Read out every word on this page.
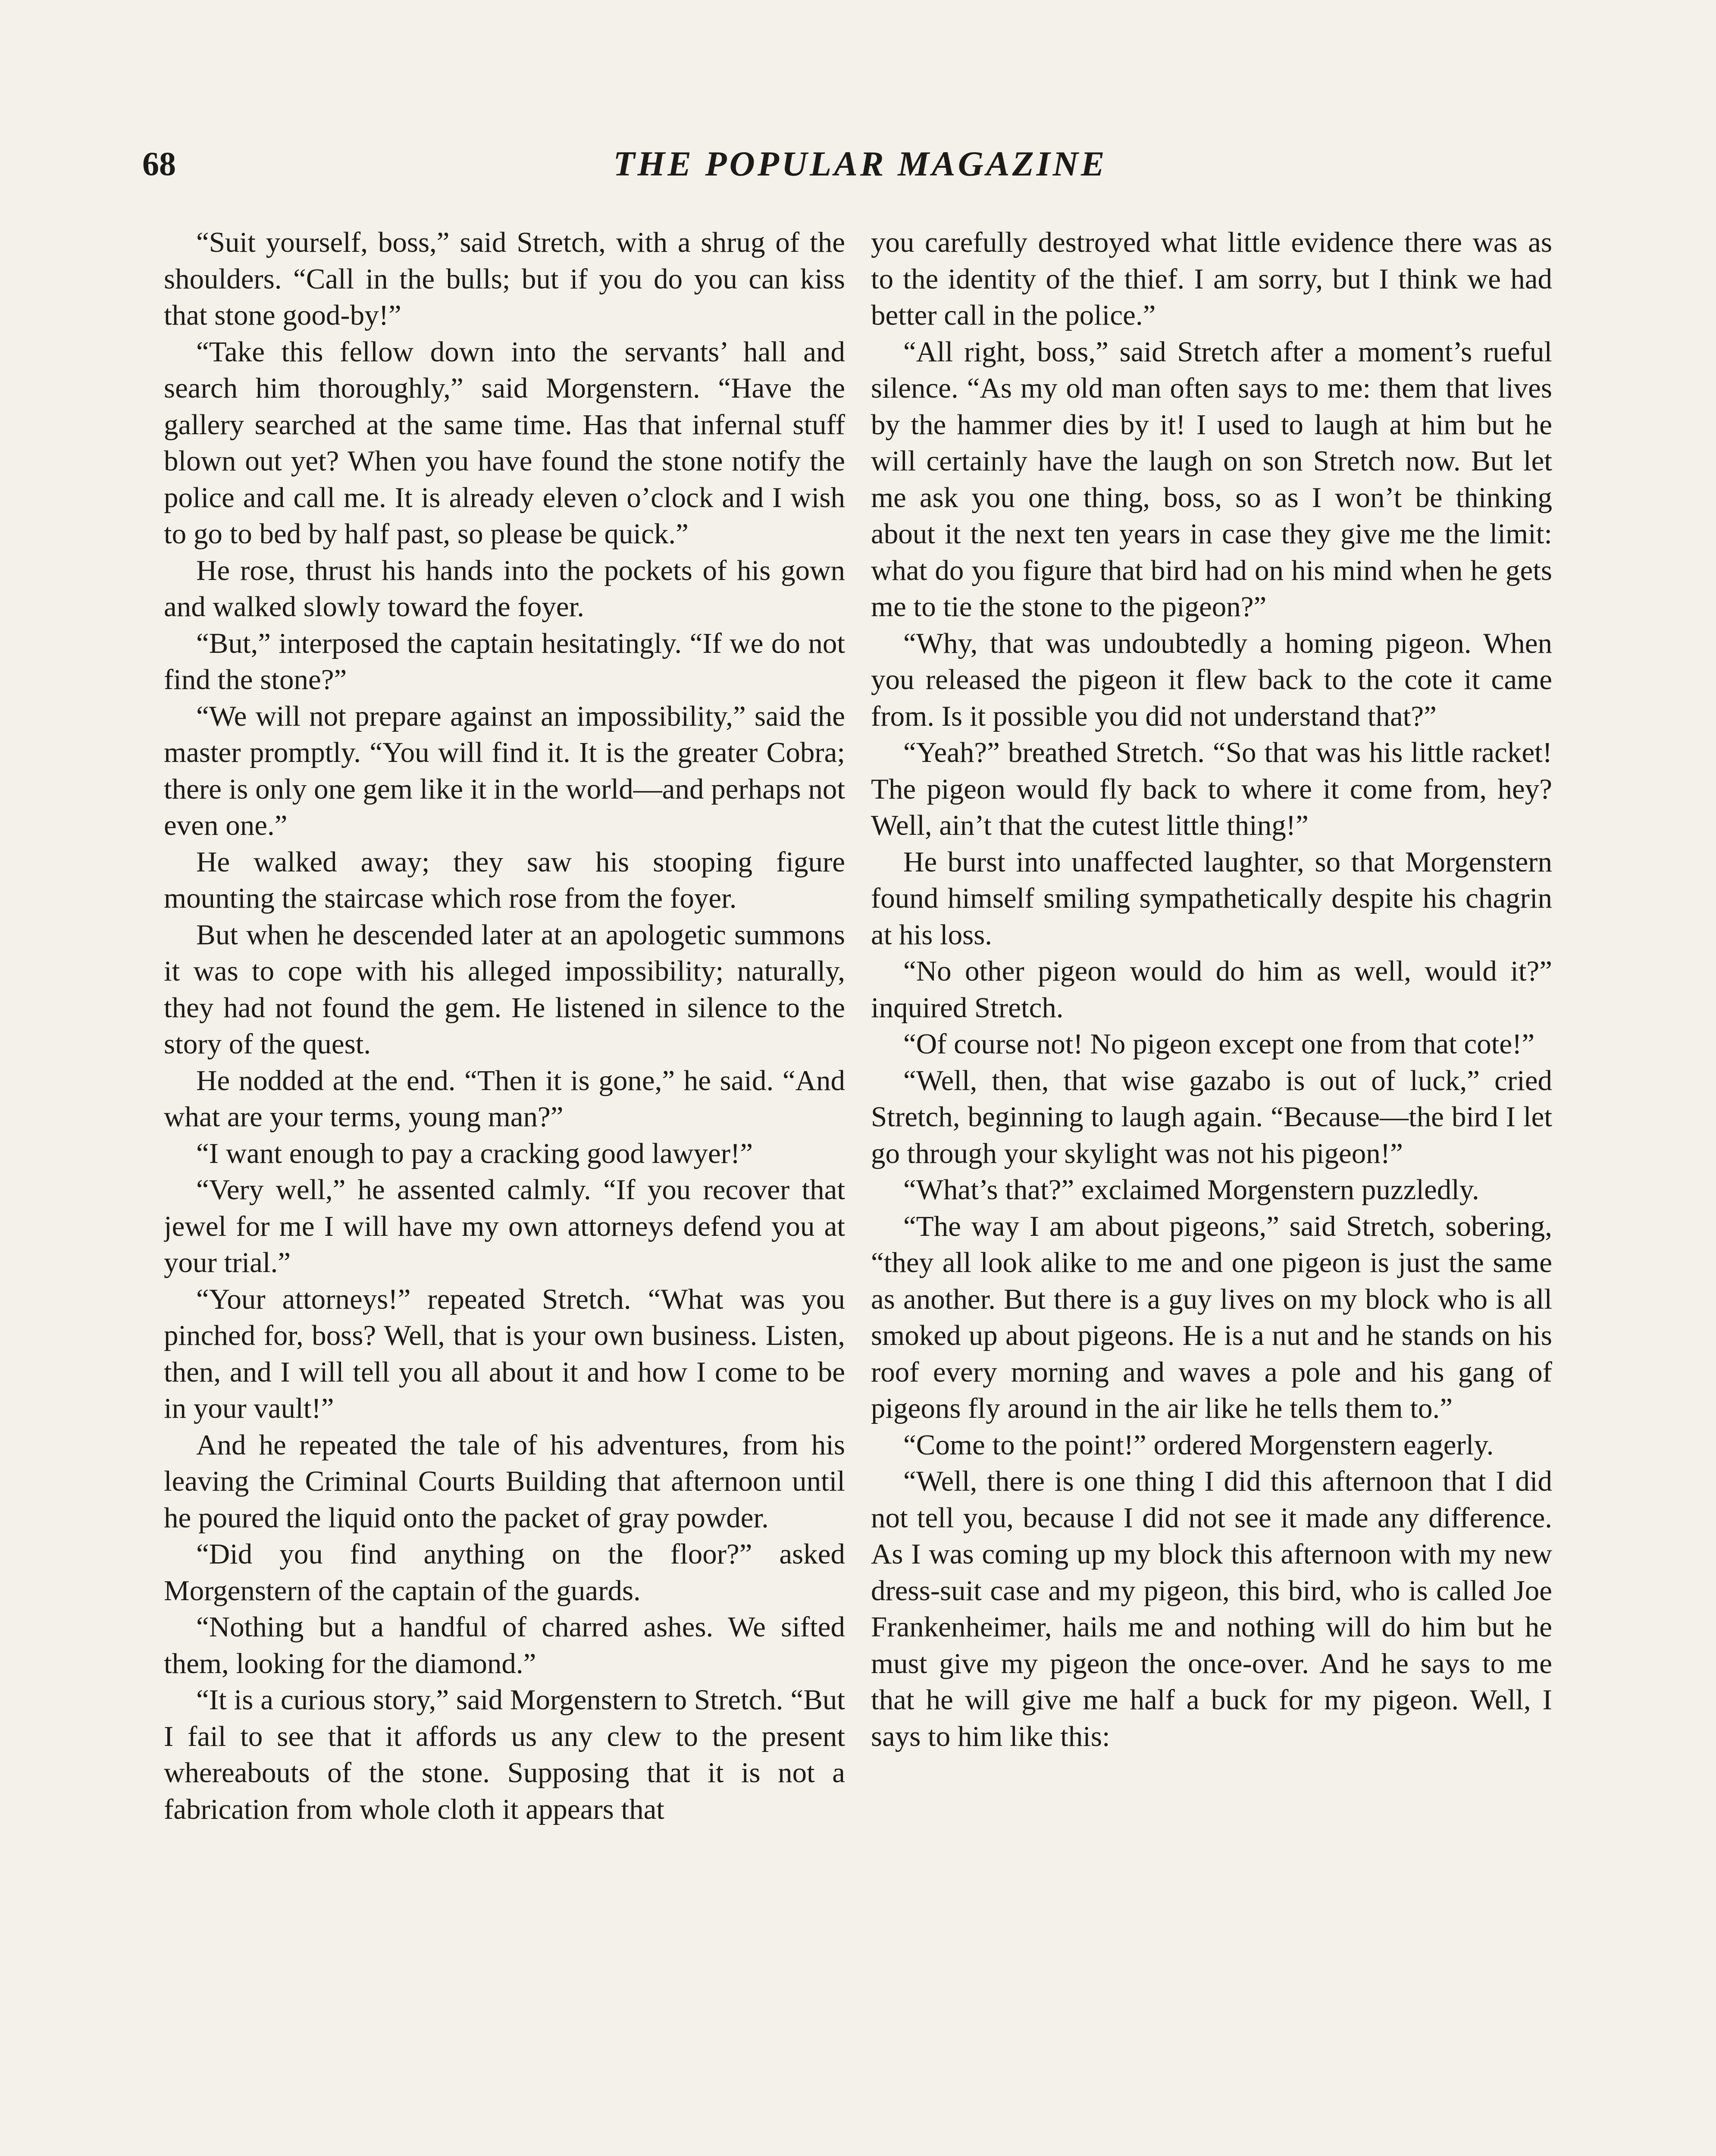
68	THE POPULAR MAGAZINE

“Suit yourself, boss,” said Stretch, with a shrug of the shoulders. “Call in the bulls; but if you do you can kiss that stone good-by!”

“Take this fellow down into the servants’ hall and search him thoroughly,” said Morgenstern. “Have the gallery searched at the same time. Has that infernal stuff blown out yet? When you have found the stone notify the police and call me. It is already eleven o’clock and I wish to go to bed by half past, so please be quick.”

He rose, thrust his hands into the pockets of his gown and walked slowly toward the foyer.

“But,” interposed the captain hesitatingly. “If we do not find the stone?”

“We will not prepare against an impossibility,” said the master promptly. “You will find it. It is the greater Cobra; there is only one gem like it in the world—and perhaps not even one.”

He walked away; they saw his stooping figure mounting the staircase which rose from the foyer.

But when he descended later at an apologetic summons it was to cope with his alleged impossibility; naturally, they had not found the gem. He listened in silence to the story of the quest.

He nodded at the end. “Then it is gone,” he said. “And what are your terms, young man?”

“I want enough to pay a cracking good lawyer!”

“Very well,” he assented calmly. “If you recover that jewel for me I will have my own attorneys defend you at your trial.”

“Your attorneys!” repeated Stretch. “What was you pinched for, boss? Well, that is your own business. Listen, then, and I will tell you all about it and how I come to be in your vault!”

And he repeated the tale of his adventures, from his leaving the Criminal Courts Building that afternoon until he poured the liquid onto the packet of gray powder.

“Did you find anything on the floor?” asked Morgenstern of the captain of the guards.

“Nothing but a handful of charred ashes. We sifted them, looking for the diamond.”

“It is a curious story,” said Morgenstern to Stretch. “But I fail to see that it affords us any clew to the present whereabouts of the stone. Supposing that it is not a fabrication from whole cloth it appears that

you carefully destroyed what little evidence there was as to the identity of the thief. I am sorry, but I think we had better call in the police.”

“All right, boss,” said Stretch after a moment’s rueful silence. “As my old man often says to me: them that lives by the hammer dies by it! I used to laugh at him but he will certainly have the laugh on son Stretch now. But let me ask you one thing, boss, so as I won’t be thinking about it the next ten years in case they give me the limit: what do you figure that bird had on his mind when he gets me to tie the stone to the pigeon?”

“Why, that was undoubtedly a homing pigeon. When you released the pigeon it flew back to the cote it came from. Is it possible you did not understand that?”

“Yeah?” breathed Stretch. “So that was his little racket! The pigeon would fly back to where it come from, hey? Well, ain’t that the cutest little thing!”

He burst into unaffected laughter, so that Morgenstern found himself smiling sympathetically despite his chagrin at his loss.

“No other pigeon would do him as well, would it?” inquired Stretch.

“Of course not! No pigeon except one from that cote!”

“Well, then, that wise gazabo is out of luck,” cried Stretch, beginning to laugh again. “Because—the bird I let go through your skylight was not his pigeon!”

“What’s that?” exclaimed Morgenstern puzzledly.

“The way I am about pigeons,” said Stretch, sobering, “they all look alike to me and one pigeon is just the same as another. But there is a guy lives on my block who is all smoked up about pigeons. He is a nut and he stands on his roof every morning and waves a pole and his gang of pigeons fly around in the air like he tells them to.”

“Come to the point!” ordered Morgenstern eagerly.

“Well, there is one thing I did this afternoon that I did not tell you, because I did not see it made any difference. As I was coming up my block this afternoon with my new dress-suit case and my pigeon, this bird, who is called Joe Frankenheimer, hails me and nothing will do him but he must give my pigeon the once-over. And he says to me that he will give me half a buck for my pigeon. Well, I says to him like this:
